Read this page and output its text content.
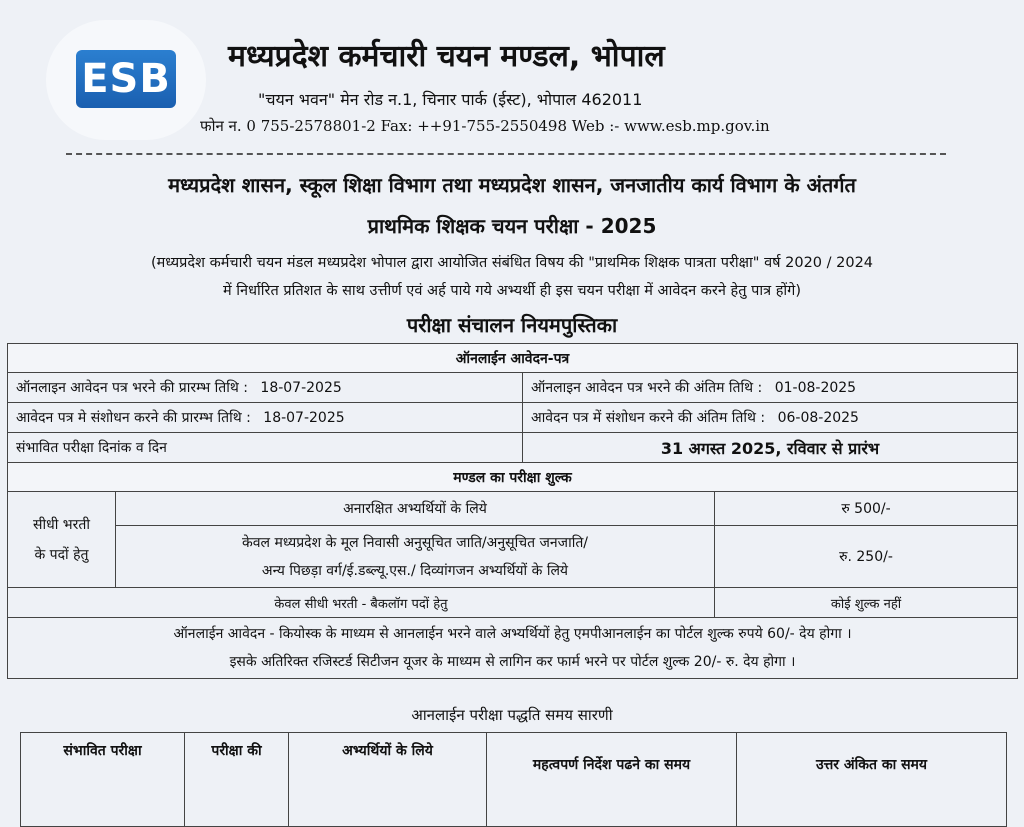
ESB मध्यप्रदेश कर्मचारी चयन मण्डल, भोपाल
"चयन भवन" मेन रोड न.1, चिनार पार्क (ईस्ट), भोपाल 462011
फोन न. 0 755-2578801-2 Fax: ++91-755-2550498 Web :- www.esb.mp.gov.in
मध्यप्रदेश शासन, स्कूल शिक्षा विभाग तथा मध्यप्रदेश शासन, जनजातीय कार्य विभाग के अंतर्गत
प्राथमिक शिक्षक चयन परीक्षा - 2025
(मध्यप्रदेश कर्मचारी चयन मंडल मध्यप्रदेश भोपाल द्वारा आयोजित संबंधित विषय की "प्राथमिक शिक्षक पात्रता परीक्षा" वर्ष 2020 / 2024
में निर्धारित प्रतिशत के साथ उत्तीर्ण एवं अर्ह पाये गये अभ्यर्थी ही इस चयन परीक्षा में आवेदन करने हेतु पात्र होंगे)
परीक्षा संचालन नियमपुस्तिका
ऑनलाईन आवेदन-पत्र			
ऑनलाइन आवेदन पत्र भरने की प्रारम्भ तिथि : 18-07-2025		ऑनलाइन आवेदन पत्र भरने की अंतिम तिथि : 01-08-2025	
आवेदन पत्र मे संशोधन करने की प्रारम्भ तिथि : 18-07-2025		आवेदन पत्र में संशोधन करने की अंतिम तिथि : 06-08-2025	
संभावित परीक्षा दिनांक व दिन		31 अगस्त 2025, रविवार से प्रारंभ	
मण्डल का परीक्षा शुल्क			

सीधी भरती
के पदों हेतु	अनारक्षित अभ्यर्थियों के लिये		रु 500/-

	केवल मध्यप्रदेश के मूल निवासी अनुसूचित जाति/अनुसूचित जनजाति/
अन्य पिछड़ा वर्ग/ई.डब्ल्यू.एस./ दिव्यांगजन अभ्यर्थियों के लिये		रु. 250/-
केवल सीधी भरती - बैकलॉग पदों हेतु			कोई शुल्क नहीं

ऑनलाईन आवेदन - कियोस्क के माध्यम से आनलाईन भरने वाले अभ्यर्थियों हेतु एमपीआनलाईन का पोर्टल शुल्क रुपये 60/- देय होगा ।
इसके अतिरिक्त रजिस्टर्ड सिटीजन यूजर के माध्यम से लागिन कर फार्म भरने पर पोर्टल शुल्क 20/- रु. देय होगा ।			
आनलाईन परीक्षा पद्धति समय सारणी
संभावित परीक्षा	परीक्षा की	अभ्यर्थियों के लिये	महत्वपर्ण निर्देश पढने का समय	उत्तर अंकित का समय
